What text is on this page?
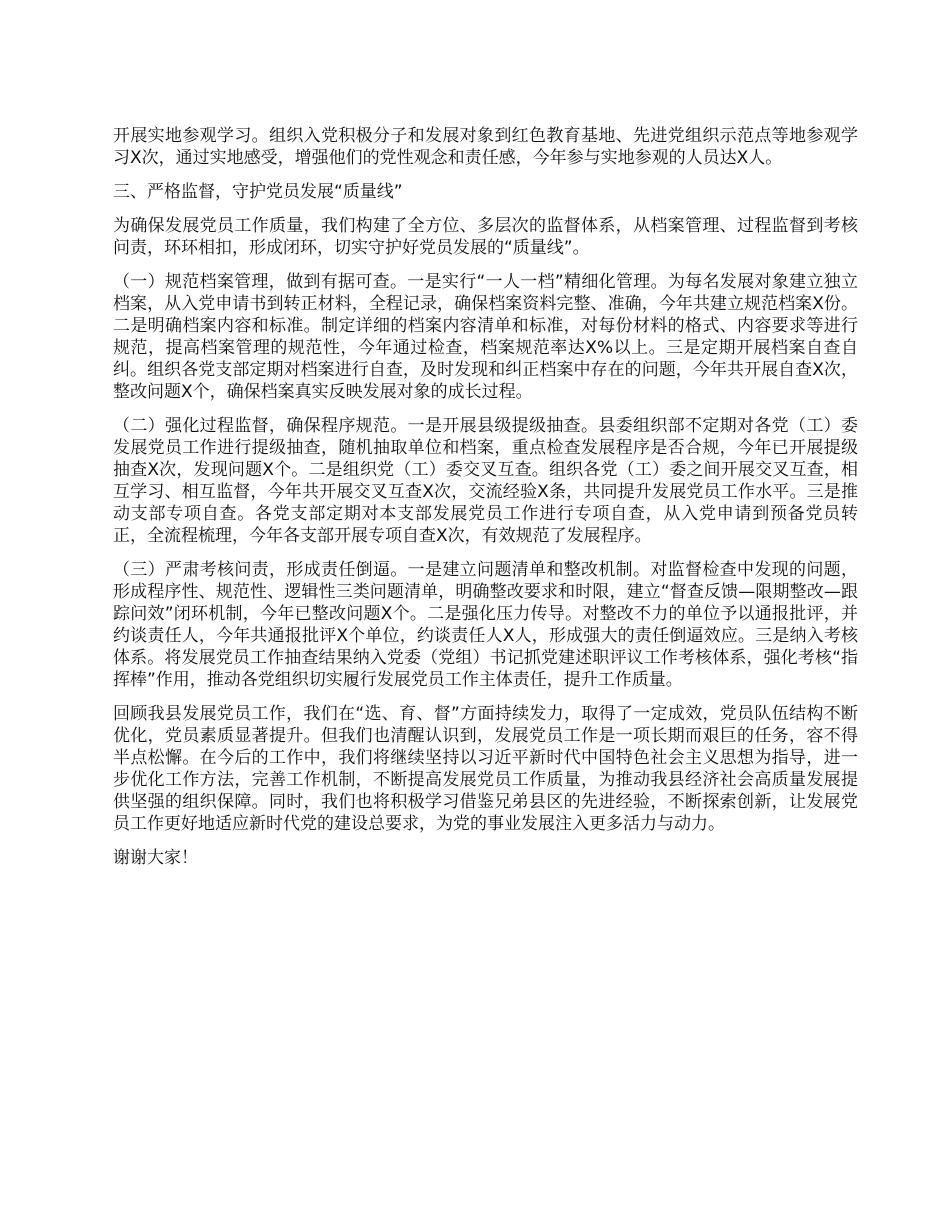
开展实地参观学习。组织入党积极分子和发展对象到红色教育基地、先进党组织示范点等地参观学习X次，通过实地感受，增强他们的党性观念和责任感，今年参与实地参观的人员达X人。

三、严格监督，守护党员发展“质量线”

为确保发展党员工作质量，我们构建了全方位、多层次的监督体系，从档案管理、过程监督到考核问责，环环相扣，形成闭环，切实守护好党员发展的“质量线”。

（一）规范档案管理，做到有据可查。一是实行“一人一档”精细化管理。为每名发展对象建立独立档案，从入党申请书到转正材料，全程记录，确保档案资料完整、准确，今年共建立规范档案X份。二是明确档案内容和标准。制定详细的档案内容清单和标准，对每份材料的格式、内容要求等进行规范，提高档案管理的规范性，今年通过检查，档案规范率达X%以上。三是定期开展档案自查自纠。组织各党支部定期对档案进行自查，及时发现和纠正档案中存在的问题，今年共开展自查X次，整改问题X个，确保档案真实反映发展对象的成长过程。

（二）强化过程监督，确保程序规范。一是开展县级提级抽查。县委组织部不定期对各党（工）委发展党员工作进行提级抽查，随机抽取单位和档案，重点检查发展程序是否合规，今年已开展提级抽查X次，发现问题X个。二是组织党（工）委交叉互查。组织各党（工）委之间开展交叉互查，相互学习、相互监督，今年共开展交叉互查X次，交流经验X条，共同提升发展党员工作水平。三是推动支部专项自查。各党支部定期对本支部发展党员工作进行专项自查，从入党申请到预备党员转正，全流程梳理，今年各支部开展专项自查X次，有效规范了发展程序。

（三）严肃考核问责，形成责任倒逼。一是建立问题清单和整改机制。对监督检查中发现的问题，形成程序性、规范性、逻辑性三类问题清单，明确整改要求和时限，建立“督查反馈—限期整改—跟踪问效”闭环机制，今年已整改问题X个。二是强化压力传导。对整改不力的单位予以通报批评，并约谈责任人，今年共通报批评X个单位，约谈责任人X人，形成强大的责任倒逼效应。三是纳入考核体系。将发展党员工作抽查结果纳入党委（党组）书记抓党建述职评议工作考核体系，强化考核“指挥棒”作用，推动各党组织切实履行发展党员工作主体责任，提升工作质量。

回顾我县发展党员工作，我们在“选、育、督”方面持续发力，取得了一定成效，党员队伍结构不断优化，党员素质显著提升。但我们也清醒认识到，发展党员工作是一项长期而艰巨的任务，容不得半点松懈。在今后的工作中，我们将继续坚持以习近平新时代中国特色社会主义思想为指导，进一步优化工作方法，完善工作机制，不断提高发展党员工作质量，为推动我县经济社会高质量发展提供坚强的组织保障。同时，我们也将积极学习借鉴兄弟县区的先进经验，不断探索创新，让发展党员工作更好地适应新时代党的建设总要求，为党的事业发展注入更多活力与动力。

谢谢大家！
